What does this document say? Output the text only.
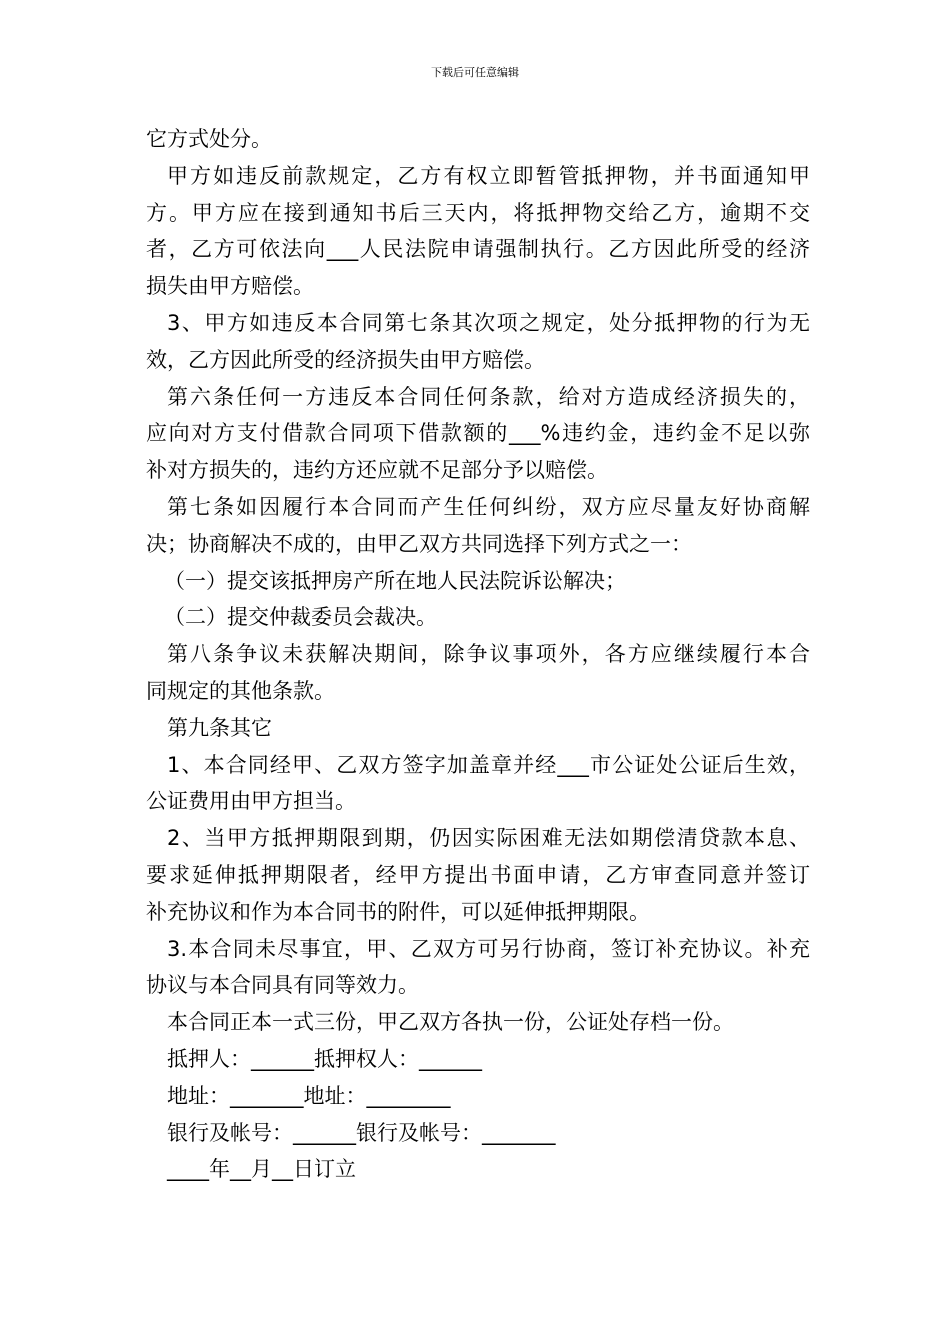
下载后可任意编辑
它方式处分。
甲方如违反前款规定，乙方有权立即暂管抵押物，并书面通知甲
方。甲方应在接到通知书后三天内，将抵押物交给乙方，逾期不交
者，乙方可依法向___人民法院申请强制执行。乙方因此所受的经济
损失由甲方赔偿。
3、甲方如违反本合同第七条其次项之规定，处分抵押物的行为无
效，乙方因此所受的经济损失由甲方赔偿。
第六条任何一方违反本合同任何条款，给对方造成经济损失的，
应向对方支付借款合同项下借款额的___%违约金，违约金不足以弥
补对方损失的，违约方还应就不足部分予以赔偿。
第七条如因履行本合同而产生任何纠纷，双方应尽量友好协商解
决；协商解决不成的，由甲乙双方共同选择下列方式之一：
（一）提交该抵押房产所在地人民法院诉讼解决；
（二）提交仲裁委员会裁决。
第八条争议未获解决期间，除争议事项外，各方应继续履行本合
同规定的其他条款。
第九条其它
1、本合同经甲、乙双方签字加盖章并经___市公证处公证后生效，
公证费用由甲方担当。
2、当甲方抵押期限到期，仍因实际困难无法如期偿清贷款本息、
要求延伸抵押期限者，经甲方提出书面申请，乙方审查同意并签订
补充协议和作为本合同书的附件，可以延伸抵押期限。
3.本合同未尽事宜，甲、乙双方可另行协商，签订补充协议。补充
协议与本合同具有同等效力。
本合同正本一式三份，甲乙双方各执一份，公证处存档一份。
抵押人：______抵押权人：______
地址：_______地址：________
银行及帐号：______银行及帐号：_______
____年__月__日订立
